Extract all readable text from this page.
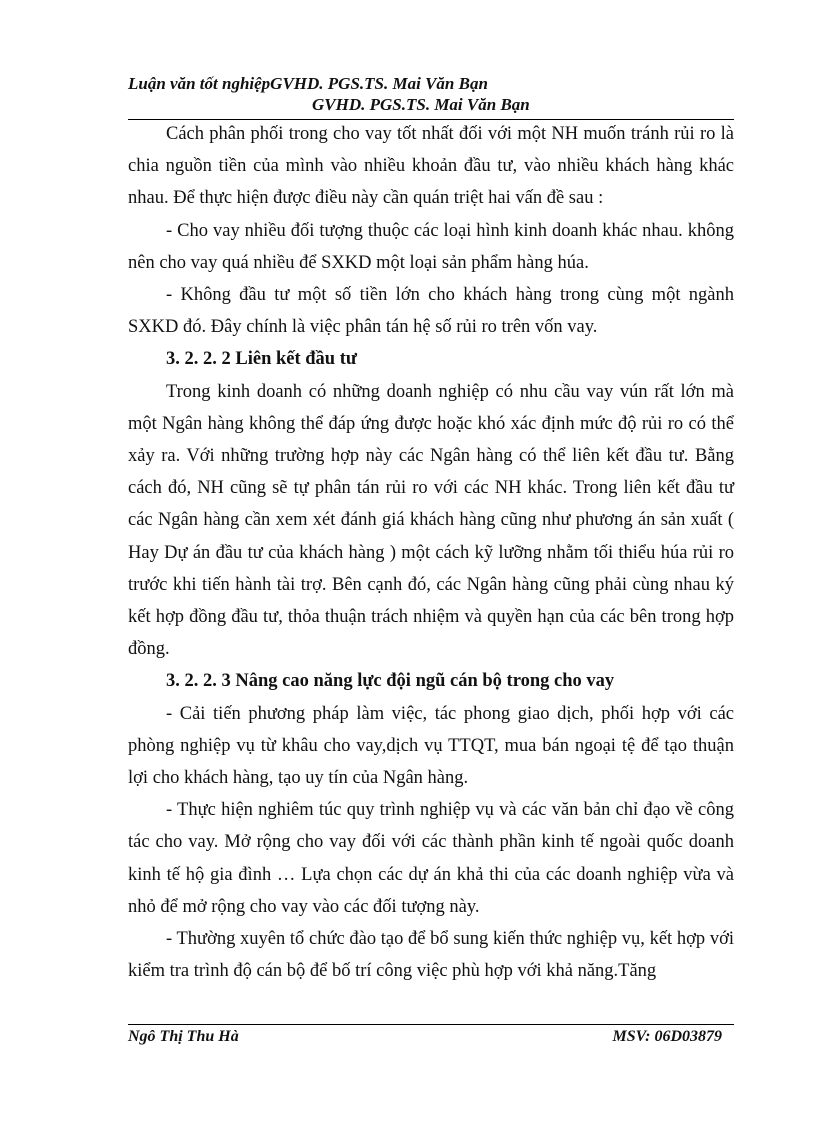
Luận văn tốt nghiệpGVHD. PGS.TS. Mai Văn Bạn
GVHD. PGS.TS. Mai Văn Bạn

Cách phân phối trong cho vay tốt nhất đối với một NH muốn tránh rủi ro là chia nguồn tiền của mình vào nhiều khoản đầu tư, vào nhiều khách hàng khác nhau. Để thực hiện được điều này cần quán triệt hai vấn đề sau :

- Cho vay nhiều đối tượng thuộc các loại hình kinh doanh khác nhau. không nên cho vay quá nhiều để SXKD một loại sản phẩm hàng húa.

- Không đầu tư một số tiền lớn cho khách hàng trong cùng một ngành SXKD đó. Đây chính là việc phân tán hệ số rủi ro trên vốn vay.

3. 2. 2. 2 Liên kết đầu tư

Trong kinh doanh có những doanh nghiệp có nhu cầu vay vún rất lớn mà một Ngân hàng không thể đáp ứng được hoặc khó xác định mức độ rủi ro có thể xảy ra. Với những trường hợp này các Ngân hàng có thể liên kết đầu tư. Bằng cách đó, NH cũng sẽ tự phân tán rủi ro với các NH khác. Trong liên kết đầu tư các Ngân hàng cần xem xét đánh giá khách hàng cũng như phương án sản xuất ( Hay Dự án đầu tư của khách hàng ) một cách kỹ lưỡng nhằm tối thiểu húa rủi ro trước khi tiến hành tài trợ. Bên cạnh đó, các Ngân hàng cũng phải cùng nhau ký kết hợp đồng đầu tư, thỏa thuận trách nhiệm và quyền hạn của các bên trong hợp đồng.

3. 2. 2. 3 Nâng cao năng lực đội ngũ cán bộ trong cho vay

- Cải tiến phương pháp làm việc, tác phong giao dịch, phối hợp với các phòng nghiệp vụ từ khâu cho vay,dịch vụ TTQT, mua bán ngoại tệ để tạo thuận lợi cho khách hàng, tạo uy tín của Ngân hàng.

- Thực hiện nghiêm túc quy trình nghiệp vụ và các văn bản chỉ đạo về công tác cho vay. Mở rộng cho vay đối với các thành phần kinh tế ngoài quốc doanh kinh tế hộ gia đình … Lựa chọn các dự án khả thi của các doanh nghiệp vừa và nhỏ để mở rộng cho vay vào các đối tượng này.

- Thường xuyên tổ chức đào tạo để bổ sung kiến thức nghiệp vụ, kết hợp với kiểm tra trình độ cán bộ để bố trí công việc phù hợp với khả năng.Tăng

Ngô Thị Thu Hà	MSV: 06D03879
